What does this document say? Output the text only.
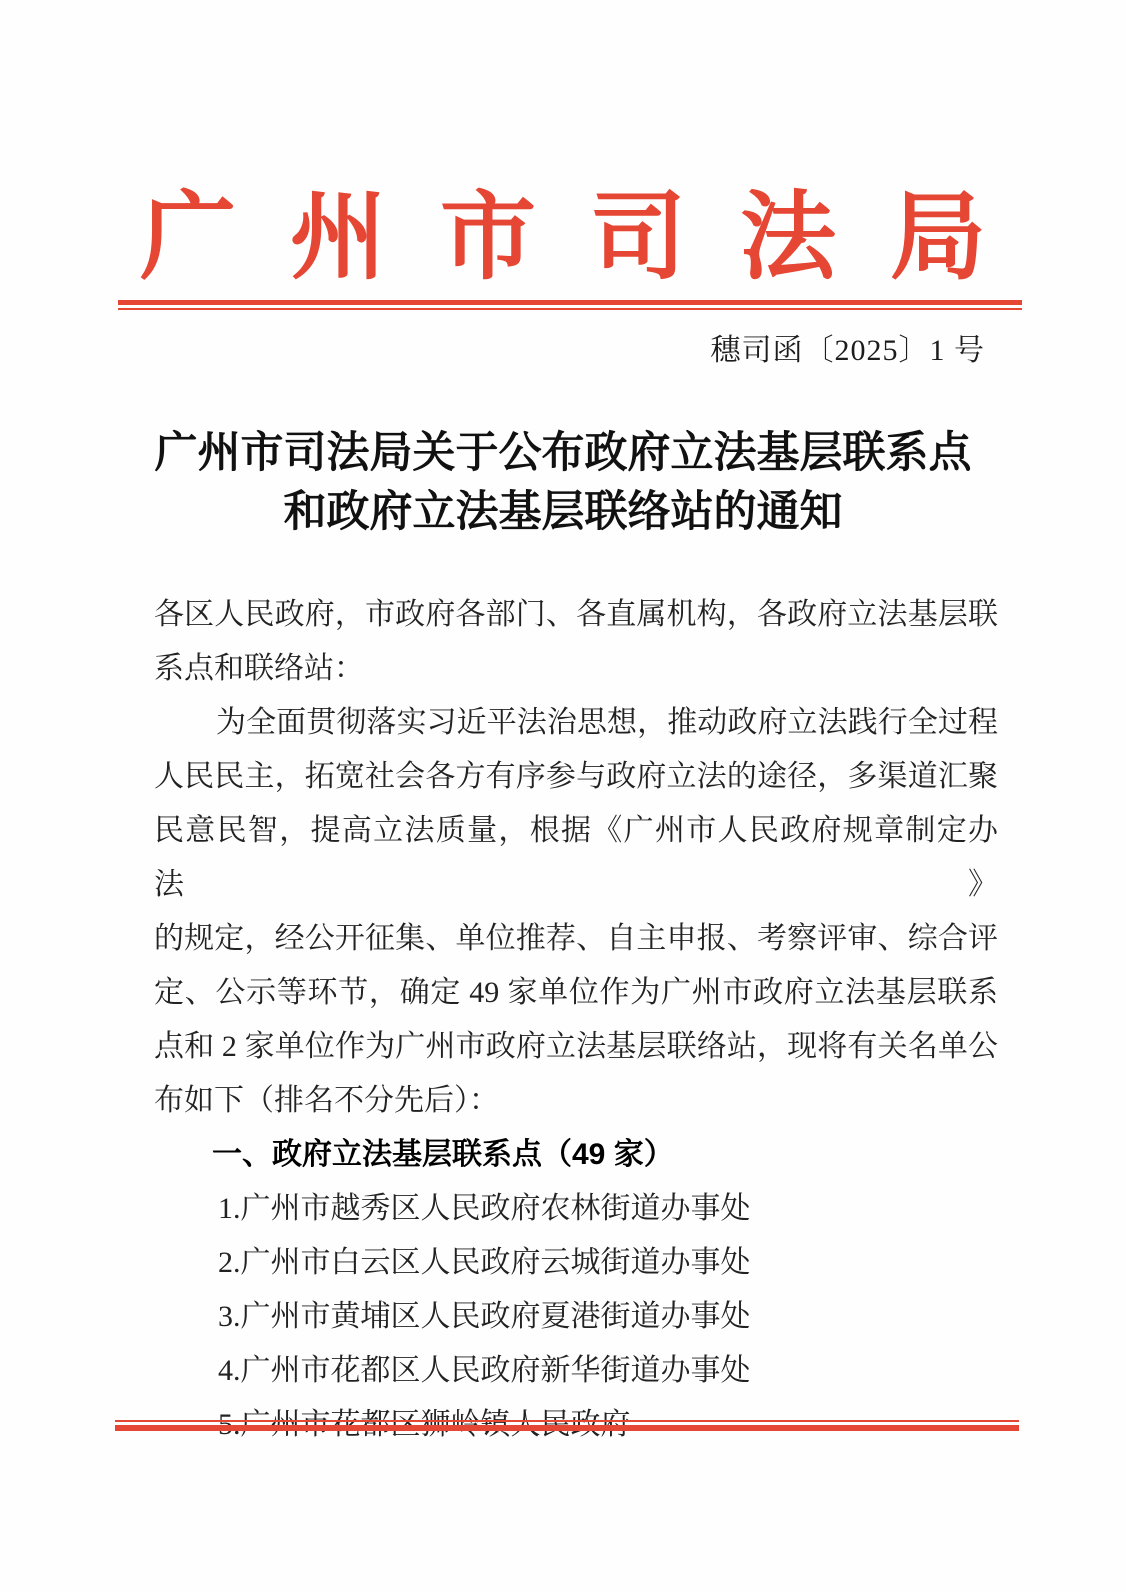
广 州 市 司 法 局
穗司函〔2025〕1 号
广州市司法局关于公布政府立法基层联系点
和政府立法基层联络站的通知
各区人民政府，市政府各部门、各直属机构，各政府立法基层联
系点和联络站：
为全面贯彻落实习近平法治思想，推动政府立法践行全过程
人民民主，拓宽社会各方有序参与政府立法的途径，多渠道汇聚
民意民智，提高立法质量，根据《广州市人民政府规章制定办法》
的规定，经公开征集、单位推荐、自主申报、考察评审、综合评
定、公示等环节，确定 49 家单位作为广州市政府立法基层联系
点和 2 家单位作为广州市政府立法基层联络站，现将有关名单公
布如下（排名不分先后）：
一、政府立法基层联系点（49 家）
1.广州市越秀区人民政府农林街道办事处
2.广州市白云区人民政府云城街道办事处
3.广州市黄埔区人民政府夏港街道办事处
4.广州市花都区人民政府新华街道办事处
